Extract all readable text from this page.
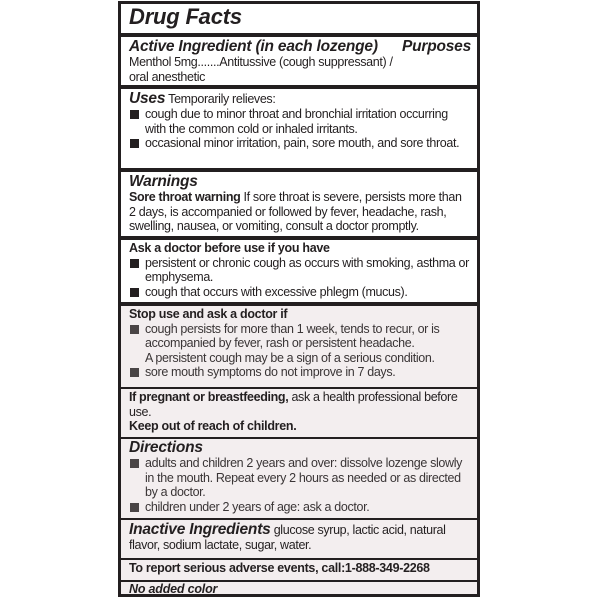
Drug Facts
Active Ingredient (in each lozenge) Purposes
Menthol 5mg.......Antitussive (cough suppressant) /
oral anesthetic
Uses Temporarily relieves:
cough due to minor throat and bronchial irritation occurring with the common cold or inhaled irritants.
occasional minor irritation, pain, sore mouth, and sore throat.
Warnings
Sore throat warning If sore throat is severe, persists more than 2 days, is accompanied or followed by fever, headache, rash, swelling, nausea, or vomiting, consult a doctor promptly.
Ask a doctor before use if you have
persistent or chronic cough as occurs with smoking, asthma or emphysema.
cough that occurs with excessive phlegm (mucus).
Stop use and ask a doctor if
cough persists for more than 1 week, tends to recur, or is accompanied by fever, rash or persistent headache.
A persistent cough may be a sign of a serious condition.
sore mouth symptoms do not improve in 7 days.
If pregnant or breastfeeding, ask a health professional before use.
Keep out of reach of children.
Directions
adults and children 2 years and over: dissolve lozenge slowly in the mouth. Repeat every 2 hours as needed or as directed by a doctor.
children under 2 years of age: ask a doctor.
Inactive Ingredients glucose syrup, lactic acid, natural flavor, sodium lactate, sugar, water.
To report serious adverse events, call:1-888-349-2268
No added color
